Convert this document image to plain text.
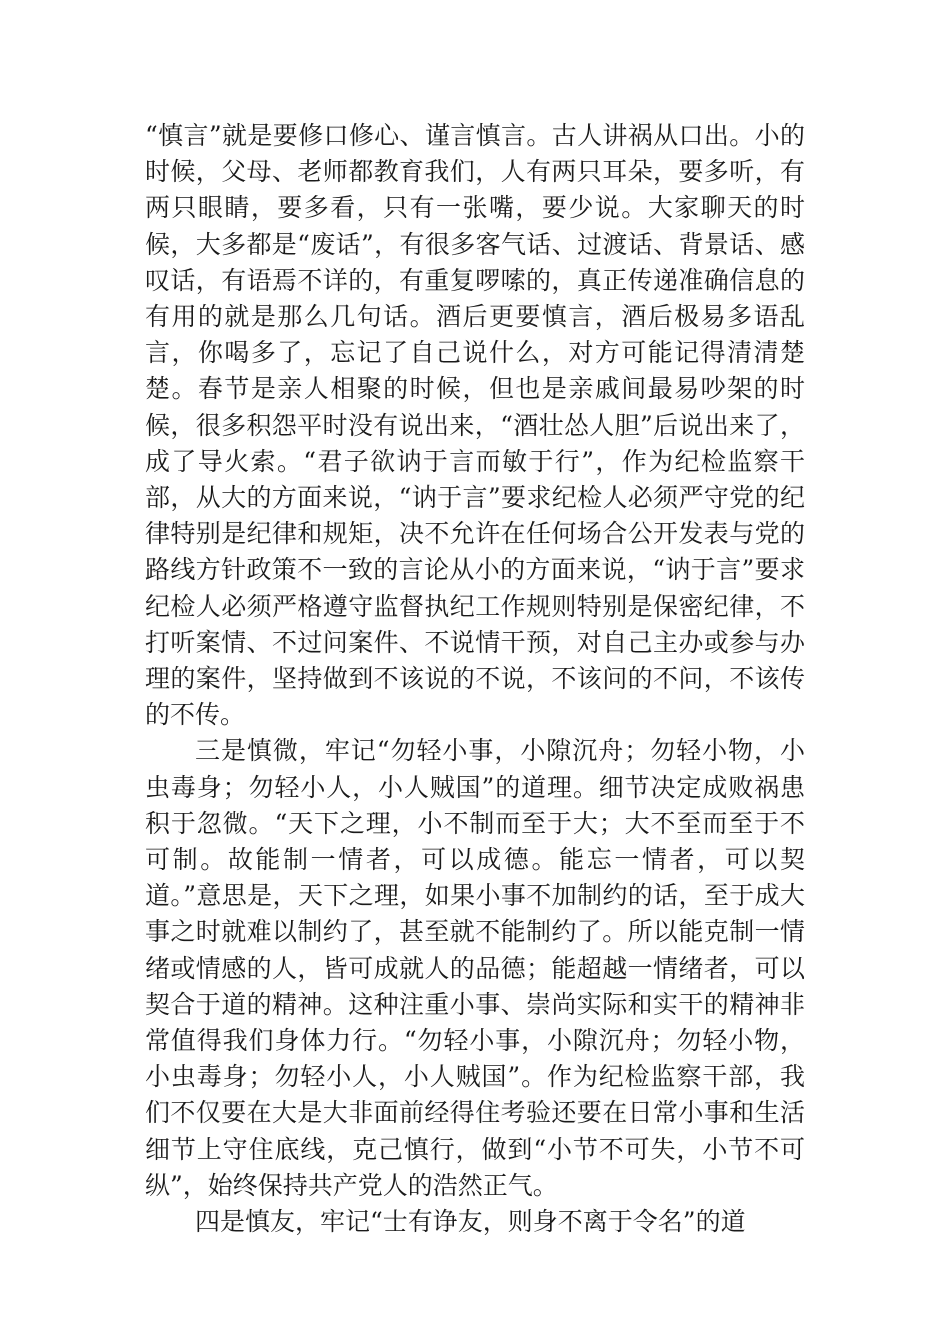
“慎言”就是要修口修心、谨言慎言。古人讲祸从口出。小的时候，父母、老师都教育我们，人有两只耳朵，要多听，有两只眼睛，要多看，只有一张嘴，要少说。大家聊天的时候，大多都是“废话”，有很多客气话、过渡话、背景话、感叹话，有语焉不详的，有重复啰嗦的，真正传递准确信息的有用的就是那么几句话。酒后更要慎言，酒后极易多语乱言，你喝多了，忘记了自己说什么，对方可能记得清清楚楚。春节是亲人相聚的时候，但也是亲戚间最易吵架的时候，很多积怨平时没有说出来，“酒壮怂人胆”后说出来了，成了导火索。“君子欲讷于言而敏于行”，作为纪检监察干部，从大的方面来说，“讷于言”要求纪检人必须严守党的纪律特别是纪律和规矩，决不允许在任何场合公开发表与党的路线方针政策不一致的言论从小的方面来说，“讷于言”要求纪检人必须严格遵守监督执纪工作规则特别是保密纪律，不打听案情、不过问案件、不说情干预，对自己主办或参与办理的案件，坚持做到不该说的不说，不该问的不问，不该传的不传。

三是慎微，牢记“勿轻小事，小隙沉舟；勿轻小物，小虫毒身；勿轻小人，小人贼国”的道理。细节决定成败祸患积于忽微。“天下之理，小不制而至于大；大不至而至于不可制。故能制一情者，可以成德。能忘一情者，可以契道。”意思是，天下之理，如果小事不加制约的话，至于成大事之时就难以制约了，甚至就不能制约了。所以能克制一情绪或情感的人，皆可成就人的品德；能超越一情绪者，可以契合于道的精神。这种注重小事、崇尚实际和实干的精神非常值得我们身体力行。“勿轻小事，小隙沉舟；勿轻小物，小虫毒身；勿轻小人，小人贼国”。作为纪检监察干部，我们不仅要在大是大非面前经得住考验还要在日常小事和生活细节上守住底线，克己慎行，做到“小节不可失，小节不可纵”，始终保持共产党人的浩然正气。

四是慎友，牢记“士有诤友，则身不离于令名”的道
